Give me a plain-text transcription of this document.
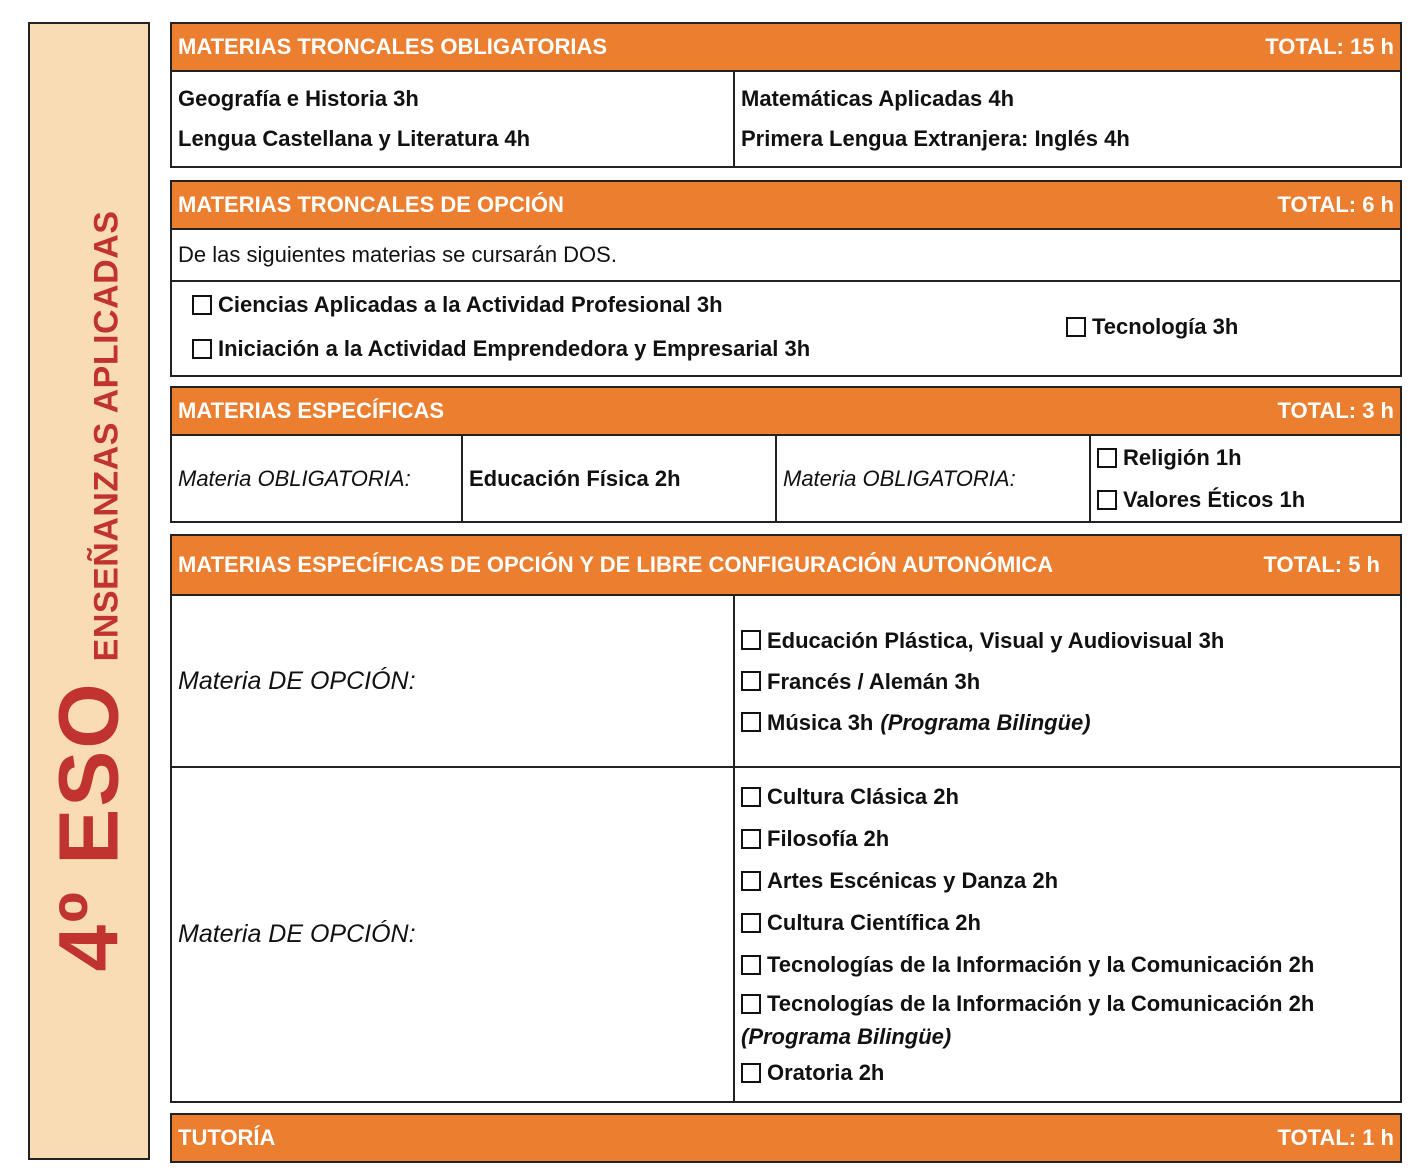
4º ESO
ENSEÑANZAS APLICADAS
MATERIAS TRONCALES OBLIGATORIAS	TOTAL: 15 h
Geografía e Historia 3h
Lengua Castellana y Literatura 4h
Matemáticas Aplicadas 4h
Primera Lengua Extranjera: Inglés 4h
MATERIAS TRONCALES DE OPCIÓN	TOTAL: 6 h
De las siguientes materias se cursarán DOS.
Ciencias Aplicadas a la Actividad Profesional 3h
Iniciación a la Actividad Emprendedora y Empresarial 3h
Tecnología 3h
MATERIAS ESPECÍFICAS	TOTAL: 3 h
Materia OBLIGATORIA:	Educación Física 2h	Materia OBLIGATORIA:
Religión 1h
Valores Éticos 1h
MATERIAS ESPECÍFICAS DE OPCIÓN Y DE LIBRE CONFIGURACIÓN AUTONÓMICA	TOTAL: 5 h
Materia DE OPCIÓN:
Educación Plástica, Visual y Audiovisual 3h
Francés / Alemán 3h
Música 3h (Programa Bilingüe)
Materia DE OPCIÓN:
Cultura Clásica 2h
Filosofía 2h
Artes Escénicas y Danza 2h
Cultura Científica 2h
Tecnologías de la Información y la Comunicación 2h
Tecnologías de la Información y la Comunicación 2h
(Programa Bilingüe)
Oratoria 2h
TUTORÍA	TOTAL: 1 h
